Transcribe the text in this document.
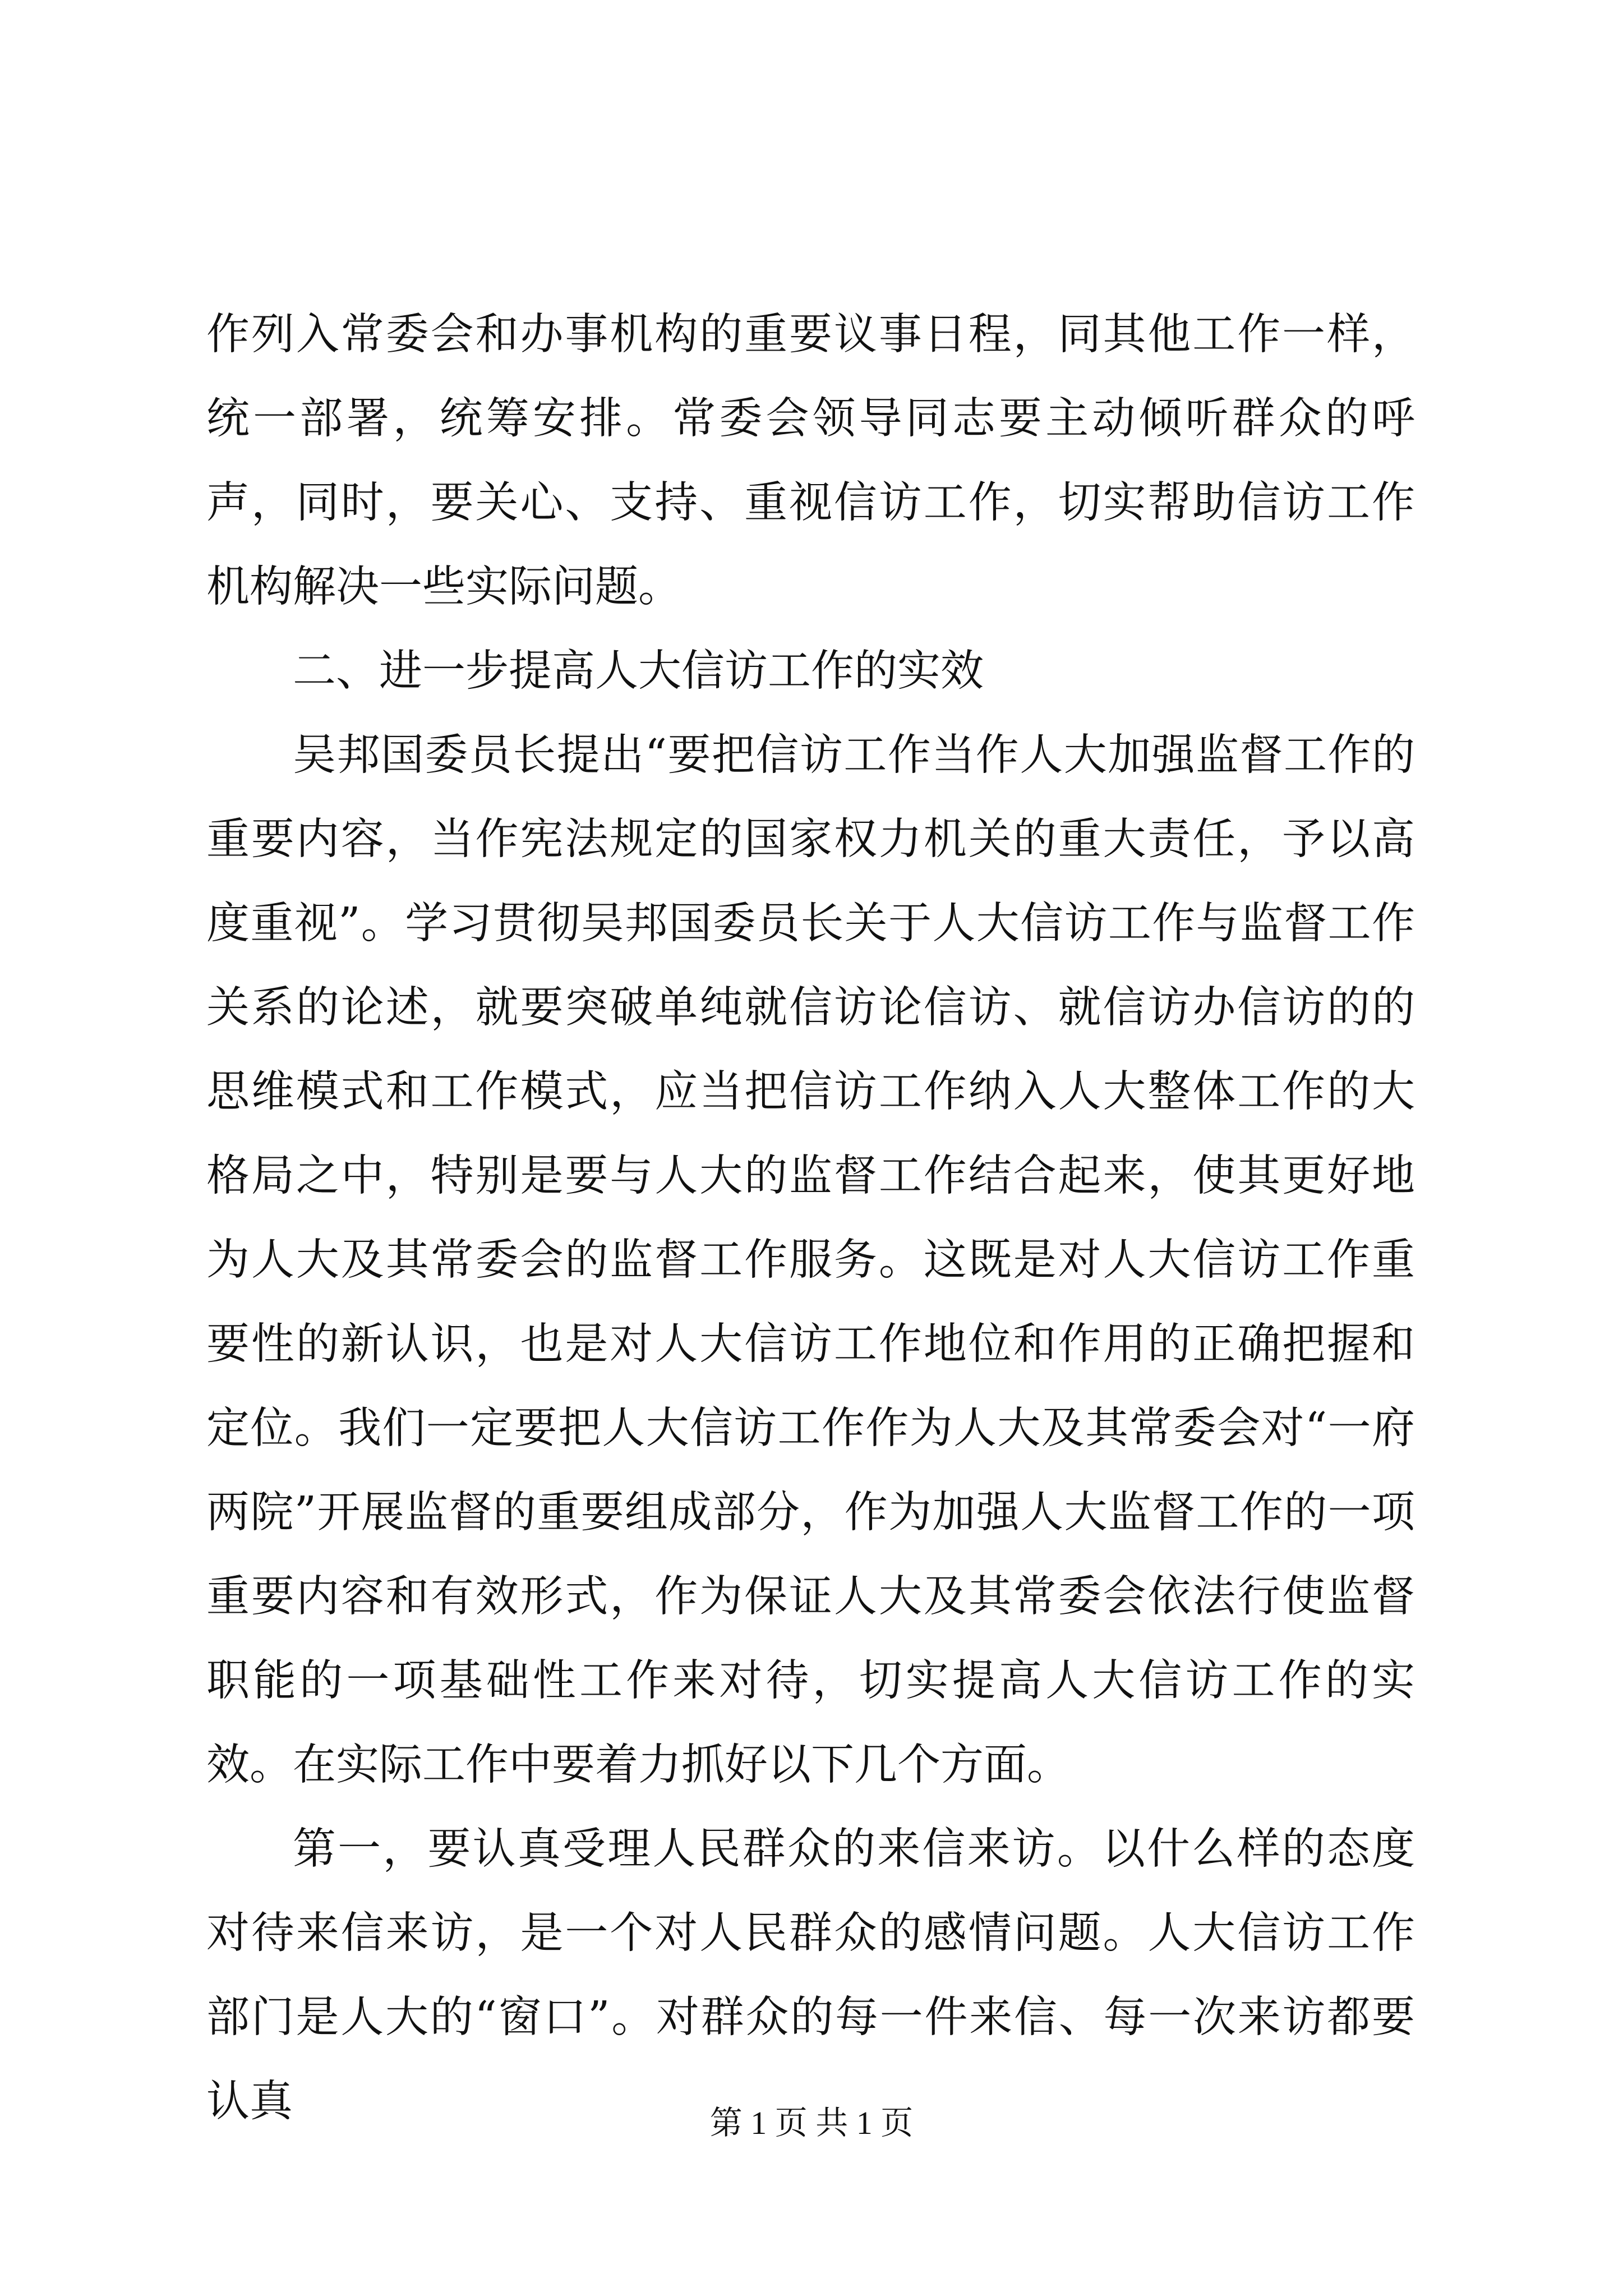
作列入常委会和办事机构的重要议事日程，同其他工作一样，统一部署，统筹安排。常委会领导同志要主动倾听群众的呼声，同时，要关心、支持、重视信访工作，切实帮助信访工作机构解决一些实际问题。

二、进一步提高人大信访工作的实效

吴邦国委员长提出“要把信访工作当作人大加强监督工作的重要内容，当作宪法规定的国家权力机关的重大责任，予以高度重视”。学习贯彻吴邦国委员长关于人大信访工作与监督工作关系的论述，就要突破单纯就信访论信访、就信访办信访的的思维模式和工作模式，应当把信访工作纳入人大整体工作的大格局之中，特别是要与人大的监督工作结合起来，使其更好地为人大及其常委会的监督工作服务。这既是对人大信访工作重要性的新认识，也是对人大信访工作地位和作用的正确把握和定位。我们一定要把人大信访工作作为人大及其常委会对“一府两院”开展监督的重要组成部分，作为加强人大监督工作的一项重要内容和有效形式，作为保证人大及其常委会依法行使监督职能的一项基础性工作来对待，切实提高人大信访工作的实效。在实际工作中要着力抓好以下几个方面。

第一，要认真受理人民群众的来信来访。以什么样的态度对待来信来访，是一个对人民群众的感情问题。人大信访工作部门是人大的“窗口”。对群众的每一件来信、每一次来访都要认真	第 1 页 共 1 页
